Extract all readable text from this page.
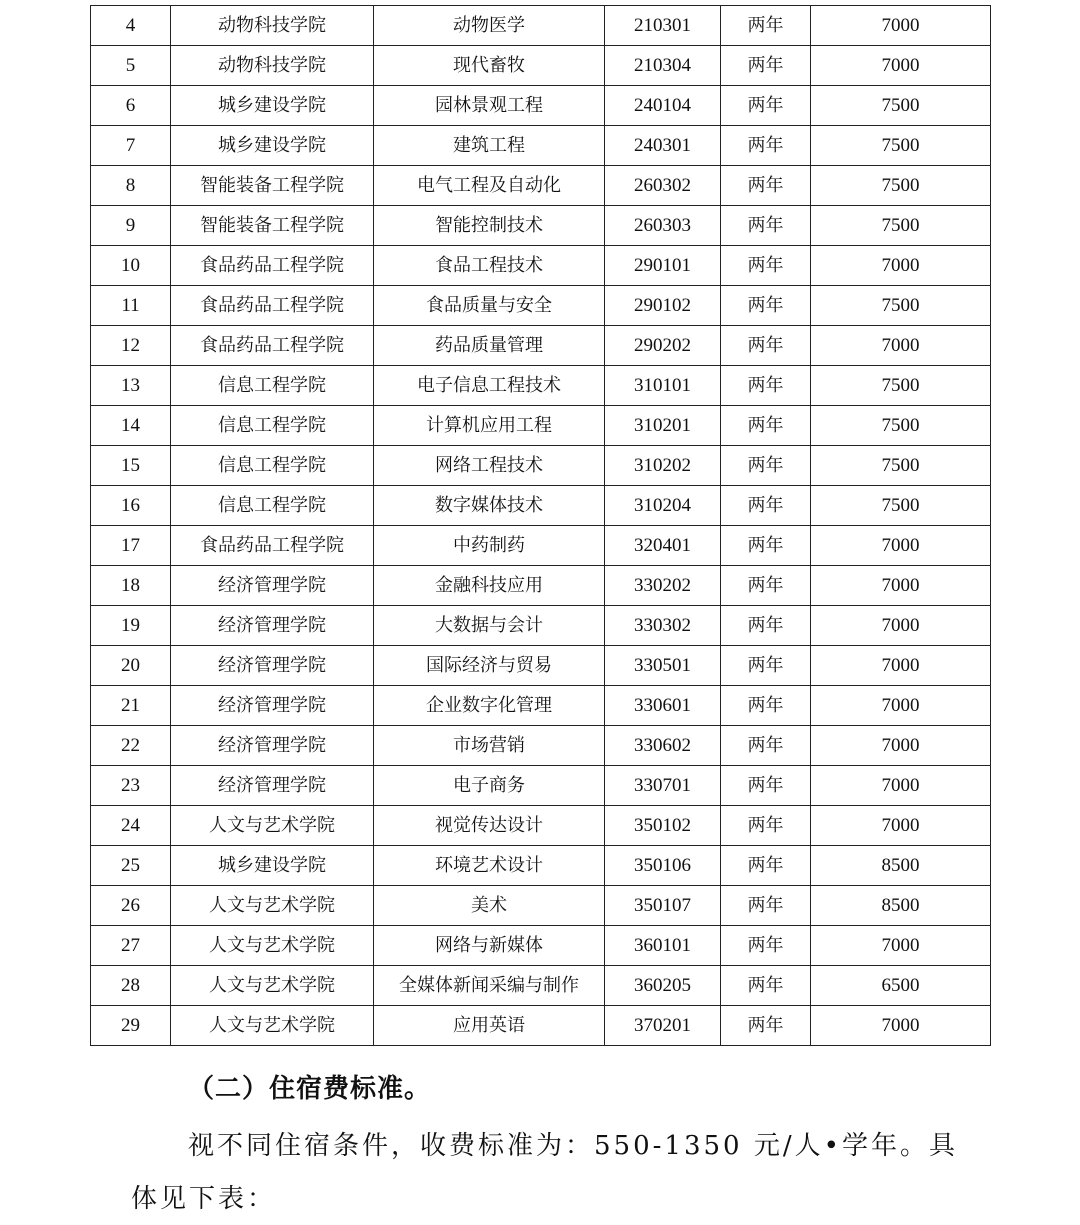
4	动物科技学院	动物医学	210301	两年	7000
5	动物科技学院	现代畜牧	210304	两年	7000
6	城乡建设学院	园林景观工程	240104	两年	7500
7	城乡建设学院	建筑工程	240301	两年	7500
8	智能装备工程学院	电气工程及自动化	260302	两年	7500
9	智能装备工程学院	智能控制技术	260303	两年	7500
10	食品药品工程学院	食品工程技术	290101	两年	7000
11	食品药品工程学院	食品质量与安全	290102	两年	7500
12	食品药品工程学院	药品质量管理	290202	两年	7000
13	信息工程学院	电子信息工程技术	310101	两年	7500
14	信息工程学院	计算机应用工程	310201	两年	7500
15	信息工程学院	网络工程技术	310202	两年	7500
16	信息工程学院	数字媒体技术	310204	两年	7500
17	食品药品工程学院	中药制药	320401	两年	7000
18	经济管理学院	金融科技应用	330202	两年	7000
19	经济管理学院	大数据与会计	330302	两年	7000
20	经济管理学院	国际经济与贸易	330501	两年	7000
21	经济管理学院	企业数字化管理	330601	两年	7000
22	经济管理学院	市场营销	330602	两年	7000
23	经济管理学院	电子商务	330701	两年	7000
24	人文与艺术学院	视觉传达设计	350102	两年	7000
25	城乡建设学院	环境艺术设计	350106	两年	8500
26	人文与艺术学院	美术	350107	两年	8500
27	人文与艺术学院	网络与新媒体	360101	两年	7000
28	人文与艺术学院	全媒体新闻采编与制作	360205	两年	6500
29	人文与艺术学院	应用英语	370201	两年	7000

（二）住宿费标准。

视不同住宿条件，收费标准为：550-1350 元/人•学年。具

体见下表：
